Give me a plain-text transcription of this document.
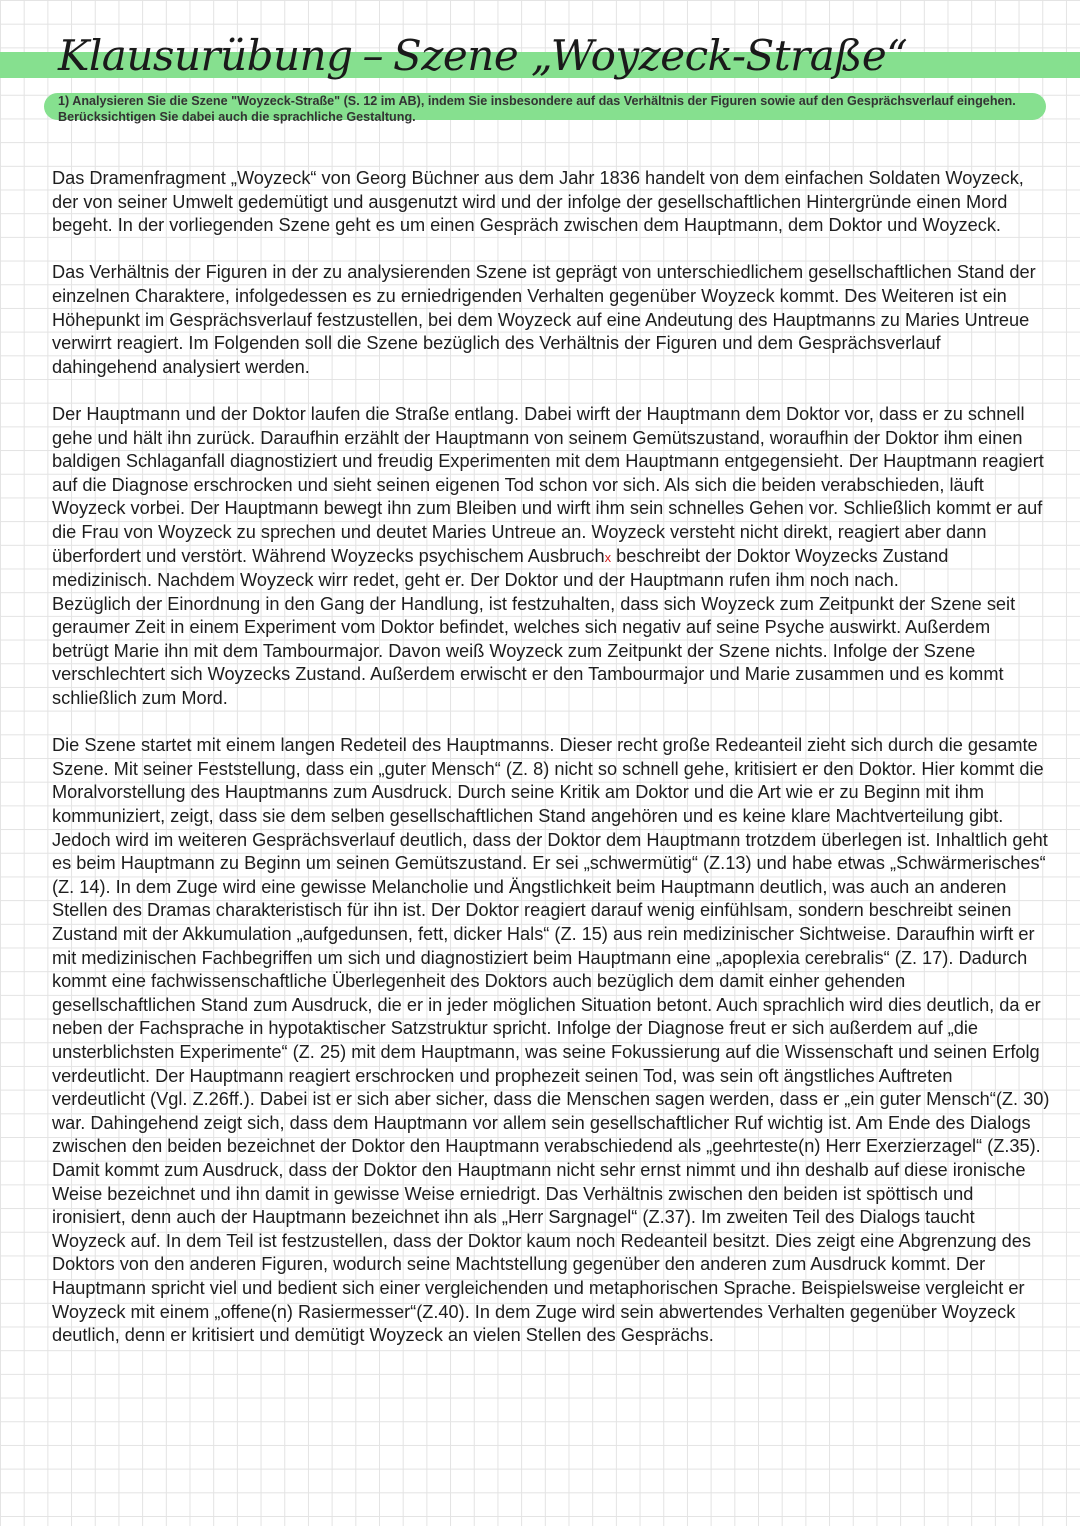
Klausurübung – Szene „Woyzeck-Straße“

1) Analysieren Sie die Szene "Woyzeck-Straße" (S. 12 im AB), indem Sie insbesondere auf das Verhältnis der Figuren sowie auf den Gesprächsverlauf eingehen. Berücksichtigen Sie dabei auch die sprachliche Gestaltung.

Das Dramenfragment „Woyzeck“ von Georg Büchner aus dem Jahr 1836 handelt von dem einfachen Soldaten Woyzeck, der von seiner Umwelt gedemütigt und ausgenutzt wird und der infolge der gesellschaftlichen Hintergründe einen Mord begeht. In der vorliegenden Szene geht es um einen Gespräch zwischen dem Hauptmann, dem Doktor und Woyzeck.

Das Verhältnis der Figuren in der zu analysierenden Szene ist geprägt von unterschiedlichem gesellschaftlichen Stand der einzelnen Charaktere, infolgedessen es zu erniedrigenden Verhalten gegenüber Woyzeck kommt. Des Weiteren ist ein Höhepunkt im Gesprächsverlauf festzustellen, bei dem Woyzeck auf eine Andeutung des Hauptmanns zu Maries Untreue verwirrt reagiert. Im Folgenden soll die Szene bezüglich des Verhältnis der Figuren und dem Gesprächsverlauf dahingehend analysiert werden.

Der Hauptmann und der Doktor laufen die Straße entlang. Dabei wirft der Hauptmann dem Doktor vor, dass er zu schnell gehe und hält ihn zurück. Daraufhin erzählt der Hauptmann von seinem Gemütszustand, woraufhin der Doktor ihm einen baldigen Schlaganfall diagnostiziert und freudig Experimenten mit dem Hauptmann entgegensieht. Der Hauptmann reagiert auf die Diagnose erschrocken und sieht seinen eigenen Tod schon vor sich. Als sich die beiden verabschieden, läuft Woyzeck vorbei. Der Hauptmann bewegt ihn zum Bleiben und wirft ihm sein schnelles Gehen vor. Schließlich kommt er auf die Frau von Woyzeck zu sprechen und deutet Maries Untreue an. Woyzeck versteht nicht direkt, reagiert aber dann überfordert und verstört. Während Woyzecks psychischem Ausbruchx beschreibt der Doktor Woyzecks Zustand medizinisch. Nachdem Woyzeck wirr redet, geht er. Der Doktor und der Hauptmann rufen ihm noch nach.

Bezüglich der Einordnung in den Gang der Handlung, ist festzuhalten, dass sich Woyzeck zum Zeitpunkt der Szene seit geraumer Zeit in einem Experiment vom Doktor befindet, welches sich negativ auf seine Psyche auswirkt. Außerdem betrügt Marie ihn mit dem Tambourmajor. Davon weiß Woyzeck zum Zeitpunkt der Szene nichts. Infolge der Szene verschlechtert sich Woyzecks Zustand. Außerdem erwischt er den Tambourmajor und Marie zusammen und es kommt schließlich zum Mord.

Die Szene startet mit einem langen Redeteil des Hauptmanns. Dieser recht große Redeanteil zieht sich durch die gesamte Szene. Mit seiner Feststellung, dass ein „guter Mensch“ (Z. 8) nicht so schnell gehe, kritisiert er den Doktor. Hier kommt die Moralvorstellung des Hauptmanns zum Ausdruck. Durch seine Kritik am Doktor und die Art wie er zu Beginn mit ihm kommuniziert, zeigt, dass sie dem selben gesellschaftlichen Stand angehören und es keine klare Machtverteilung gibt. Jedoch wird im weiteren Gesprächsverlauf deutlich, dass der Doktor dem Hauptmann trotzdem überlegen ist. Inhaltlich geht es beim Hauptmann zu Beginn um seinen Gemütszustand. Er sei „schwermütig“ (Z.13) und habe etwas „Schwärmerisches“ (Z. 14). In dem Zuge wird eine gewisse Melancholie und Ängstlichkeit beim Hauptmann deutlich, was auch an anderen Stellen des Dramas charakteristisch für ihn ist. Der Doktor reagiert darauf wenig einfühlsam, sondern beschreibt seinen Zustand mit der Akkumulation „aufgedunsen, fett, dicker Hals“ (Z. 15) aus rein medizinischer Sichtweise. Daraufhin wirft er mit medizinischen Fachbegriffen um sich und diagnostiziert beim Hauptmann eine „apoplexia cerebralis“ (Z. 17). Dadurch kommt eine fachwissenschaftliche Überlegenheit des Doktors auch bezüglich dem damit einher gehenden gesellschaftlichen Stand zum Ausdruck, die er in jeder möglichen Situation betont. Auch sprachlich wird dies deutlich, da er neben der Fachsprache in hypotaktischer Satzstruktur spricht. Infolge der Diagnose freut er sich außerdem auf „die unsterblichsten Experimente“ (Z. 25) mit dem Hauptmann, was seine Fokussierung auf die Wissenschaft und seinen Erfolg verdeutlicht. Der Hauptmann reagiert erschrocken und prophezeit seinen Tod, was sein oft ängstliches Auftreten verdeutlicht (Vgl. Z.26ff.). Dabei ist er sich aber sicher, dass die Menschen sagen werden, dass er „ein guter Mensch“(Z. 30) war. Dahingehend zeigt sich, dass dem Hauptmann vor allem sein gesellschaftlicher Ruf wichtig ist. Am Ende des Dialogs zwischen den beiden bezeichnet der Doktor den Hauptmann verabschiedend als „geehrteste(n) Herr Exerzierzagel“ (Z.35). Damit kommt zum Ausdruck, dass der Doktor den Hauptmann nicht sehr ernst nimmt und ihn deshalb auf diese ironische Weise bezeichnet und ihn damit in gewisse Weise erniedrigt. Das Verhältnis zwischen den beiden ist spöttisch und ironisiert, denn auch der Hauptmann bezeichnet ihn als „Herr Sargnagel“ (Z.37). Im zweiten Teil des Dialogs taucht Woyzeck auf. In dem Teil ist festzustellen, dass der Doktor kaum noch Redeanteil besitzt. Dies zeigt eine Abgrenzung des Doktors von den anderen Figuren, wodurch seine Machtstellung gegenüber den anderen zum Ausdruck kommt. Der Hauptmann spricht viel und bedient sich einer vergleichenden und metaphorischen Sprache. Beispielsweise vergleicht er Woyzeck mit einem „offene(n) Rasiermesser“(Z.40). In dem Zuge wird sein abwertendes Verhalten gegenüber Woyzeck deutlich, denn er kritisiert und demütigt Woyzeck an vielen Stellen des Gesprächs.
